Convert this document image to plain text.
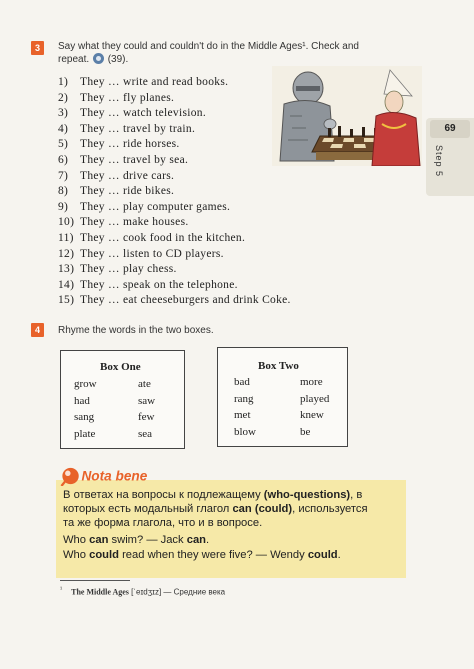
3	Say what they could and couldn't do in the Middle Ages¹. Check and
repeat. (39).
1) They … write and read books.
2) They … fly planes.
3) They … watch television.
4) They … travel by train.
5) They … ride horses.
6) They … travel by sea.
7) They … drive cars.
8) They … ride bikes.
9) They … play computer games.
10) They … make houses.
11) They … cook food in the kitchen.
12) They … listen to CD players.
13) They … play chess.
14) They … speak on the telephone.
15) They … eat cheeseburgers and drink Coke.
69
Step 5
4	Rhyme the words in the two boxes.
Box One
grow
had
sang
plate
ate
saw
few
sea
Box Two
bad
rang
met
blow
more
played
knew
be
Nota bene
В ответах на вопросы к подлежащему (who-questions), в
которых есть модальный глагол can (could), используется
та же форма глагола, что и в вопросе.
Who can swim? — Jack can.
Who could read when they were five? — Wendy could.
$^{^1}$ The Middle Ages [ˈeɪdʒɪz] — Средние века
